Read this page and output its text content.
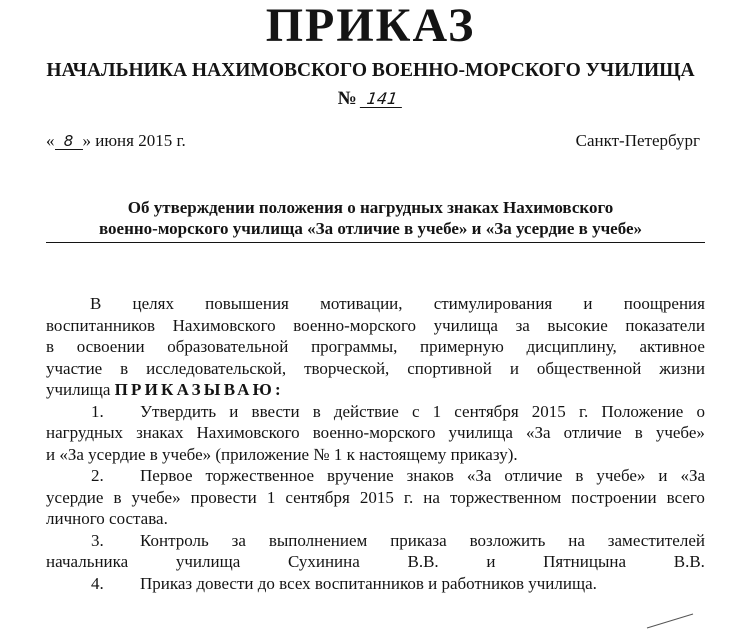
ПРИКАЗ
НАЧАЛЬНИКА НАХИМОВСКОГО ВОЕННО-МОРСКОГО УЧИЛИЩА
№ 141
« 8 » июня 2015 г.	Санкт-Петербург
Об утверждении положения о нагрудных знаках Нахимовского
военно-морского училища «За отличие в учебе» и «За усердие в учебе»
В целях повышения мотивации, стимулирования и поощрения
воспитанников Нахимовского военно-морского училища за высокие показатели
в освоении образовательной программы, примерную дисциплину, активное
участие в исследовательской, творческой, спортивной и общественной жизни
училища ПРИКАЗЫВАЮ:
1.	Утвердить и ввести в действие с 1 сентября 2015 г. Положение о
нагрудных знаках Нахимовского военно-морского училища «За отличие в учебе»
и «За усердие в учебе» (приложение № 1 к настоящему приказу).
2.	Первое торжественное вручение знаков «За отличие в учебе» и «За
усердие в учебе» провести 1 сентября 2015 г. на торжественном построении всего
личного состава.
3.	Контроль за выполнением приказа возложить на заместителей
начальника	училища	Сухинина	В.В.	и	Пятницына	В.В.
4. Приказ довести до всех воспитанников и работников училища.
